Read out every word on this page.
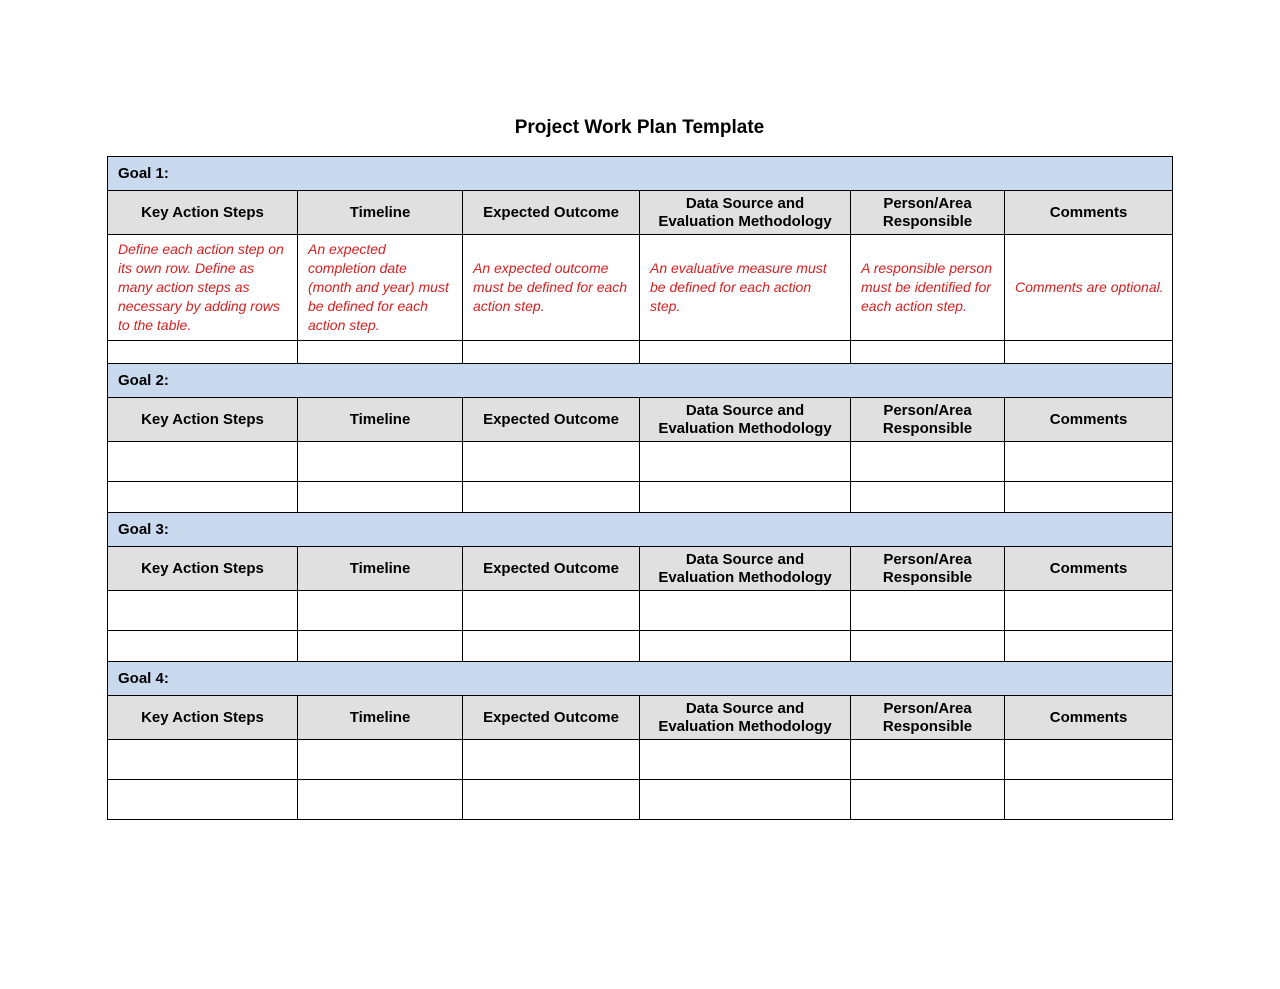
Project Work Plan Template
Goal 1:					
Key Action Steps	Timeline	Expected Outcome	Data Source and Evaluation Methodology	Person/Area Responsible	Comments
Define each action step on its own row. Define as many action steps as necessary by adding rows to the table.	An expected completion date (month and year) must be defined for each action step.	An expected outcome must be defined for each action step.	An evaluative measure must be defined for each action step.	A responsible person must be identified for each action step.	Comments are optional.

Goal 2:					
Key Action Steps	Timeline	Expected Outcome	Data Source and Evaluation Methodology	Person/Area Responsible	Comments

Goal 3:					
Key Action Steps	Timeline	Expected Outcome	Data Source and Evaluation Methodology	Person/Area Responsible	Comments

Goal 4:					
Key Action Steps	Timeline	Expected Outcome	Data Source and Evaluation Methodology	Person/Area Responsible	Comments
